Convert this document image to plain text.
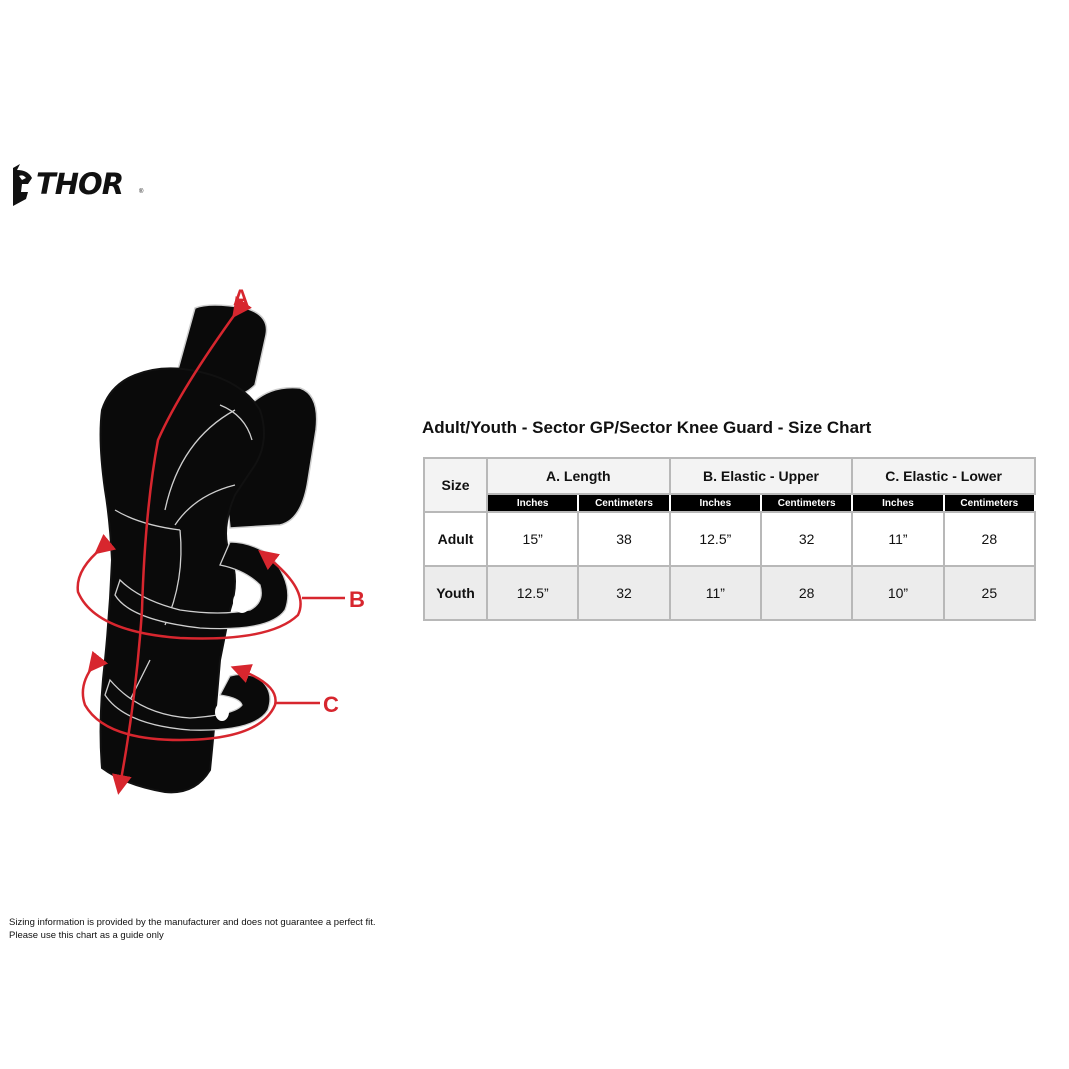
THOR	®
A
B
C
Adult/Youth - Sector GP/Sector Knee Guard - Size Chart
Size	A. Length		B. Elastic - Upper		C. Elastic - Lower	
	Inches	Centimeters	Inches	Centimeters	Inches	Centimeters
Adult	15”	38	12.5”	32	11”	28
Youth	12.5”	32	11”	28	10”	25
Sizing information is provided by the manufacturer and does not guarantee a perfect fit.
Please use this chart as a guide only
